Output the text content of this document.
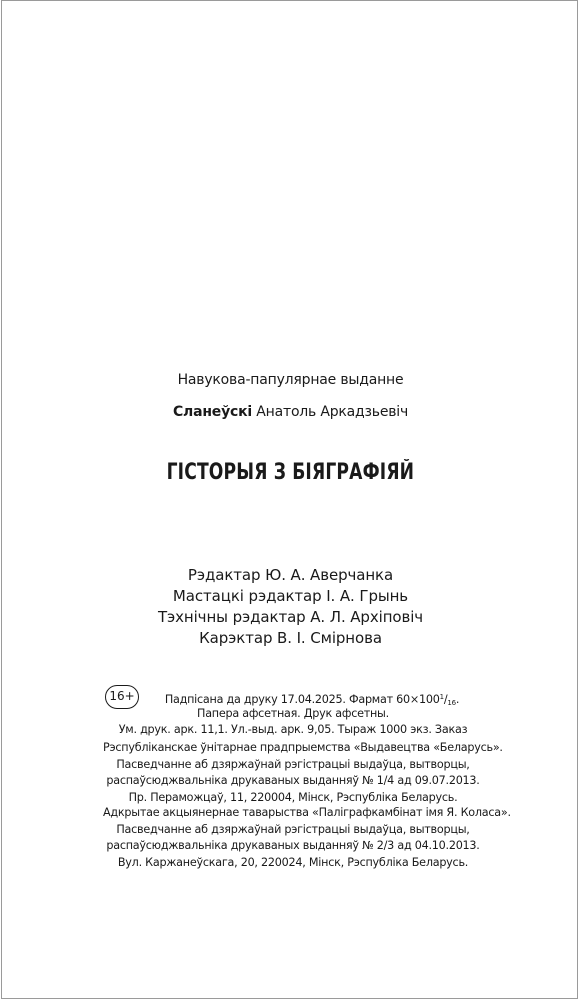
Навукова-папулярнае выданне
Сланеўскі Анатоль Аркадзьевіч
ГІСТОРЫЯ З БІЯГРАФІЯЙ
Рэдактар Ю. А. Аверчанка
Мастацкі рэдактар І. А. Грынь
Тэхнічны рэдактар А. Л. Архіповіч
Карэктар В. І. Смірнова
16+	Падпісана да друку 17.04.2025. Фармат $60\times 100^1/_{16}$.
Папера афсетная. Друк афсетны.
Ум. друк. арк. 11,1. Ул.-выд. арк. 9,05. Тыраж 1000 экз. Заказ
Рэспубліканскае ўнітарнае прадпрыемства «Выдавецтва «Беларусь».
Пасведчанне аб дзяржаўнай рэгістрацыі выдаўца, вытворцы,
распаўсюджвальніка друкаваных выданняў № 1/4 ад 09.07.2013.
Пр. Пераможцаў, 11, 220004, Мінск, Рэспубліка Беларусь.
Адкрытае акцыянернае таварыства «Паліграфкамбінат імя Я. Коласа».
Пасведчанне аб дзяржаўнай рэгістрацыі выдаўца, вытворцы,
распаўсюджвальніка друкаваных выданняў № 2/3 ад 04.10.2013.
Вул. Каржанеўскага, 20, 220024, Мінск, Рэспубліка Беларусь.
